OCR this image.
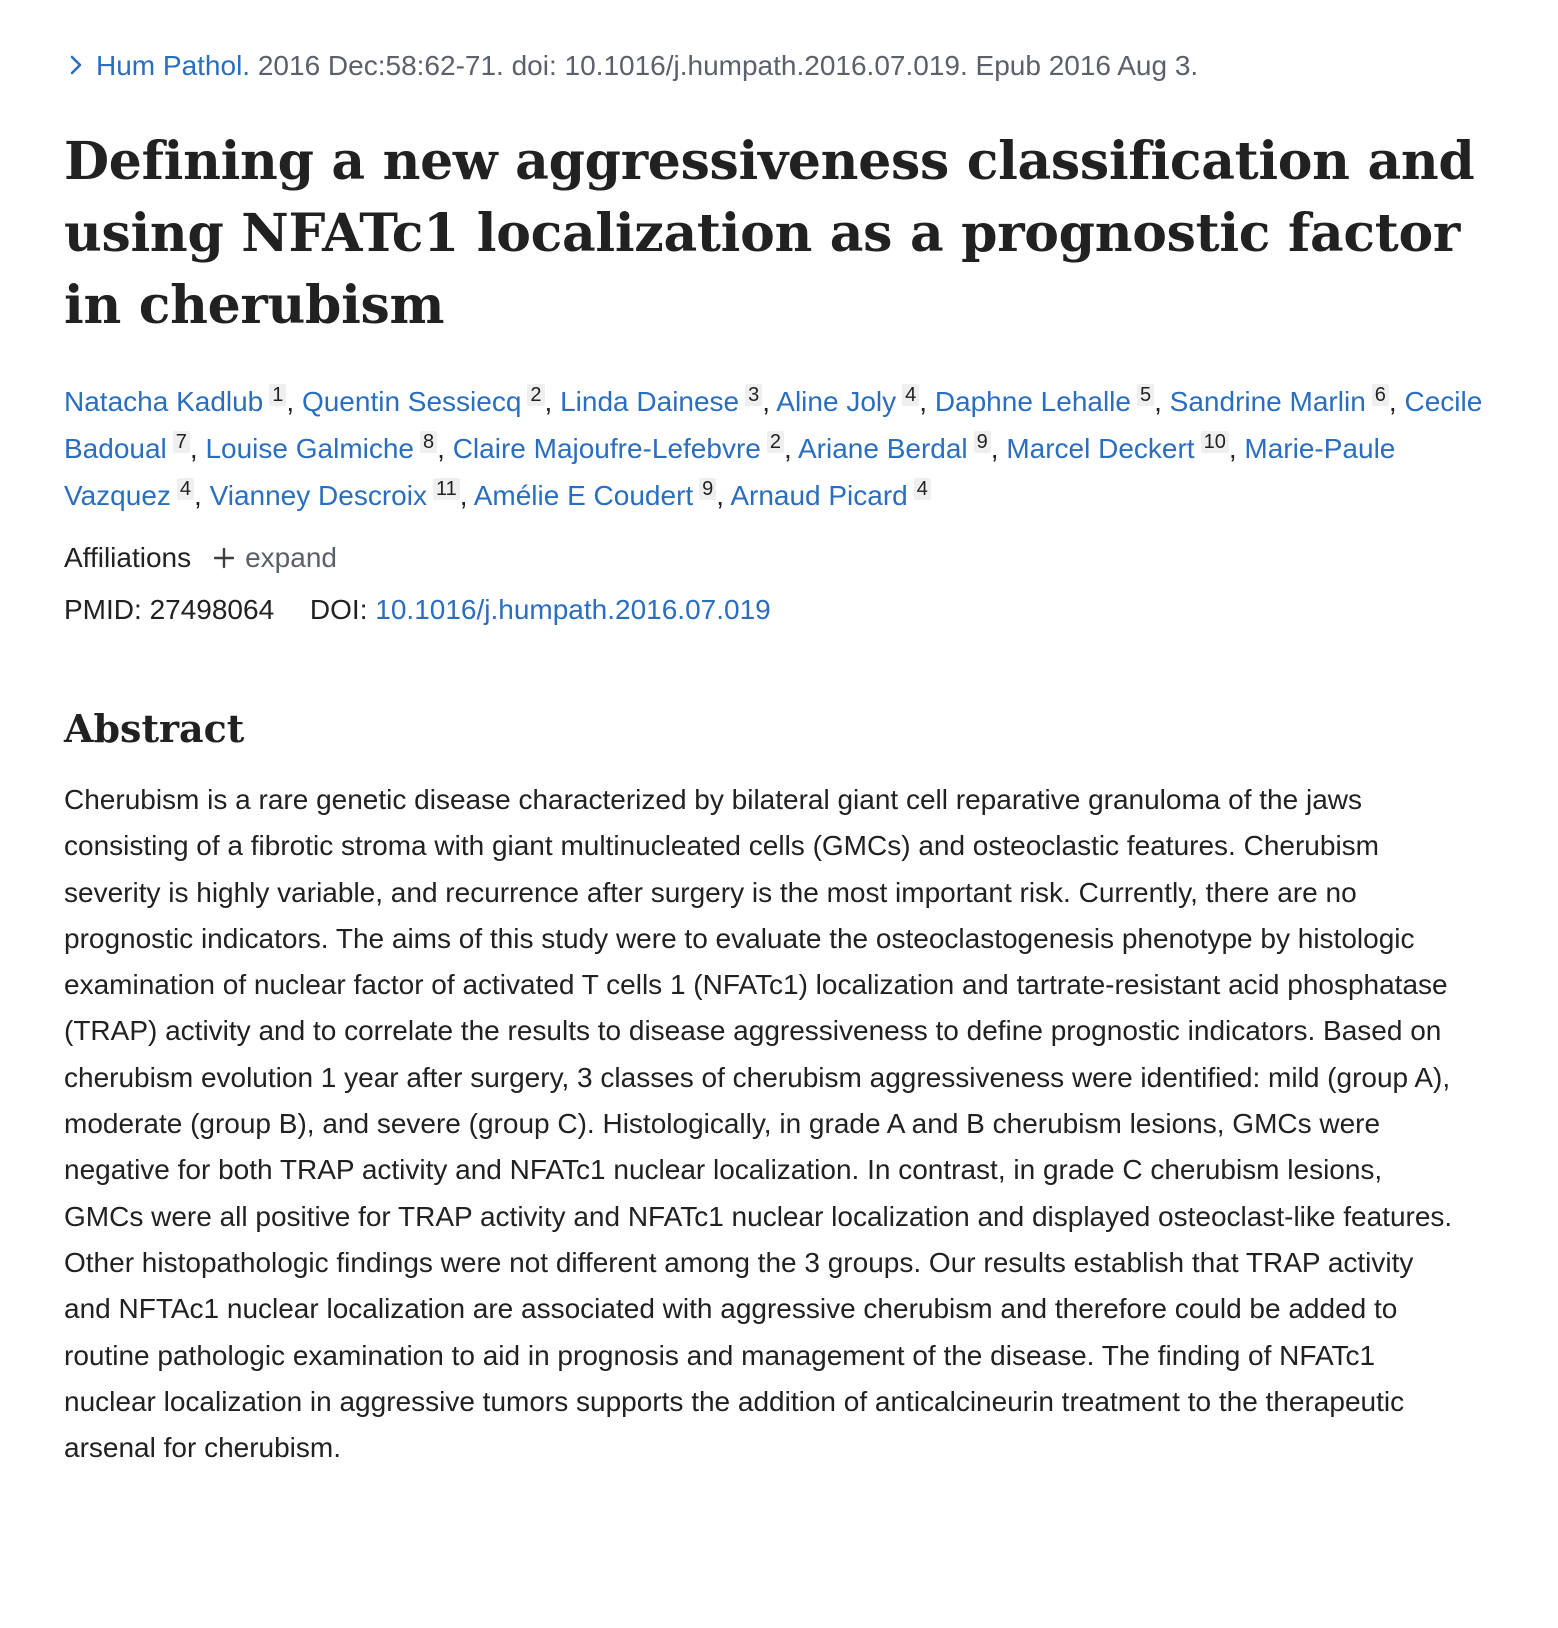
Hum Pathol. 2016 Dec:58:62-71. doi: 10.1016/j.humpath.2016.07.019. Epub 2016 Aug 3.
Defining a new aggressiveness classification and using NFATc1 localization as a prognostic factor in cherubism
Natacha Kadlub 1 , Quentin Sessiecq 2 , Linda Dainese 3 , Aline Joly 4 , Daphne Lehalle 5 , Sandrine Marlin 6 , Cecile Badoual 7 , Louise Galmiche 8 , Claire Majoufre-Lefebvre 2 , Ariane Berdal 9 , Marcel Deckert 10 , Marie-Paule Vazquez 4 , Vianney Descroix 11 , Amélie E Coudert 9 , Arnaud Picard 4
Affiliations expand
PMID: 27498064 DOI: 10.1016/j.humpath.2016.07.019
Abstract

Cherubism is a rare genetic disease characterized by bilateral giant cell reparative granuloma of the jaws consisting of a fibrotic stroma with giant multinucleated cells (GMCs) and osteoclastic features. Cherubism severity is highly variable, and recurrence after surgery is the most important risk. Currently, there are no prognostic indicators. The aims of this study were to evaluate the osteoclastogenesis phenotype by histologic examination of nuclear factor of activated T cells 1 (NFATc1) localization and tartrate-resistant acid phosphatase (TRAP) activity and to correlate the results to disease aggressiveness to define prognostic indicators. Based on cherubism evolution 1 year after surgery, 3 classes of cherubism aggressiveness were identified: mild (group A), moderate (group B), and severe (group C). Histologically, in grade A and B cherubism lesions, GMCs were negative for both TRAP activity and NFATc1 nuclear localization. In contrast, in grade C cherubism lesions, GMCs were all positive for TRAP activity and NFATc1 nuclear localization and displayed osteoclast-like features. Other histopathologic findings were not different among the 3 groups. Our results establish that TRAP activity and NFTAc1 nuclear localization are associated with aggressive cherubism and therefore could be added to routine pathologic examination to aid in prognosis and management of the disease. The finding of NFATc1 nuclear localization in aggressive tumors supports the addition of anticalcineurin treatment to the therapeutic arsenal for cherubism.
